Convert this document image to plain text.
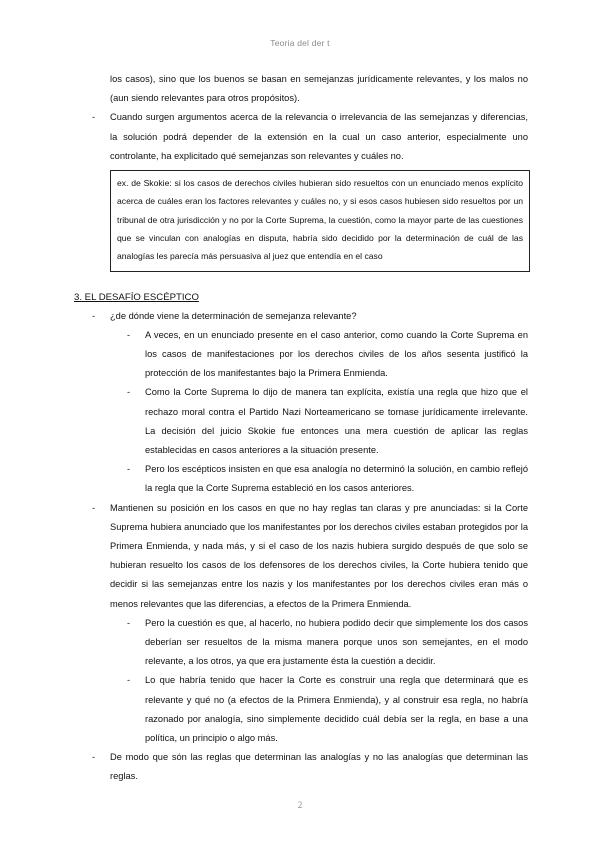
Teoria del der t

los casos), sino que los buenos se basan en semejanzas jurídicamente relevantes, y los malos no (aun siendo relevantes para otros propósitos).

- Cuando surgen argumentos acerca de la relevancia o irrelevancia de las semejanzas y diferencias, la solución podrá depender de la extensión en la cual un caso anterior, especialmente uno controlante, ha explicitado qué semejanzas son relevantes y cuáles no.

ex. de Skokie: si los casos de derechos civiles hubieran sido resueltos con un enunciado menos explícito acerca de cuáles eran los factores relevantes y cuáles no, y si esos casos hubiesen sido resueltos por un tribunal de otra jurisdicción y no por la Corte Suprema, la cuestión, como la mayor parte de las cuestiones que se vinculan con analogías en disputa, habría sido decidido por la determinación de cuál de las analogías les parecía más persuasiva al juez que entendía en el caso

3. EL DESAFÍO ESCÉPTICO
- ¿de dónde viene la determinación de semejanza relevante?

- A veces, en un enunciado presente en el caso anterior, como cuando la Corte Suprema en los casos de manifestaciones por los derechos civiles de los años sesenta justificó la protección de los manifestantes bajo la Primera Enmienda.

- Como la Corte Suprema lo dijo de manera tan explícita, existía una regla que hizo que el rechazo moral contra el Partido Nazi Norteamericano se tornase jurídicamente irrelevante. La decisión del juicio Skokie fue entonces una mera cuestión de aplicar las reglas establecidas en casos anteriores a la situación presente.

- Pero los escépticos insisten en que esa analogía no determinó la solución, en cambio reflejó la regla que la Corte Suprema estableció en los casos anteriores.

- Mantienen su posición en los casos en que no hay reglas tan claras y pre anunciadas: si la Corte Suprema hubiera anunciado que los manifestantes por los derechos civiles estaban protegidos por la Primera Enmienda, y nada más, y si el caso de los nazis hubiera surgido después de que solo se hubieran resuelto los casos de los defensores de los derechos civiles, la Corte hubiera tenido que decidir si las semejanzas entre los nazis y los manifestantes por los derechos civiles eran más o menos relevantes que las diferencias, a efectos de la Primera Enmienda.

- Pero la cuestión es que, al hacerlo, no hubiera podido decir que simplemente los dos casos deberían ser resueltos de la misma manera porque unos son semejantes, en el modo relevante, a los otros, ya que era justamente ésta la cuestión a decidir.

- Lo que habría tenido que hacer la Corte es construir una regla que determinará que es relevante y qué no (a efectos de la Primera Enmienda), y al construir esa regla, no habría razonado por analogía, sino simplemente decidido cuál debía ser la regla, en base a una política, un principio o algo más.

- De modo que són las reglas que determinan las analogías y no las analogías que determinan las reglas.

2
